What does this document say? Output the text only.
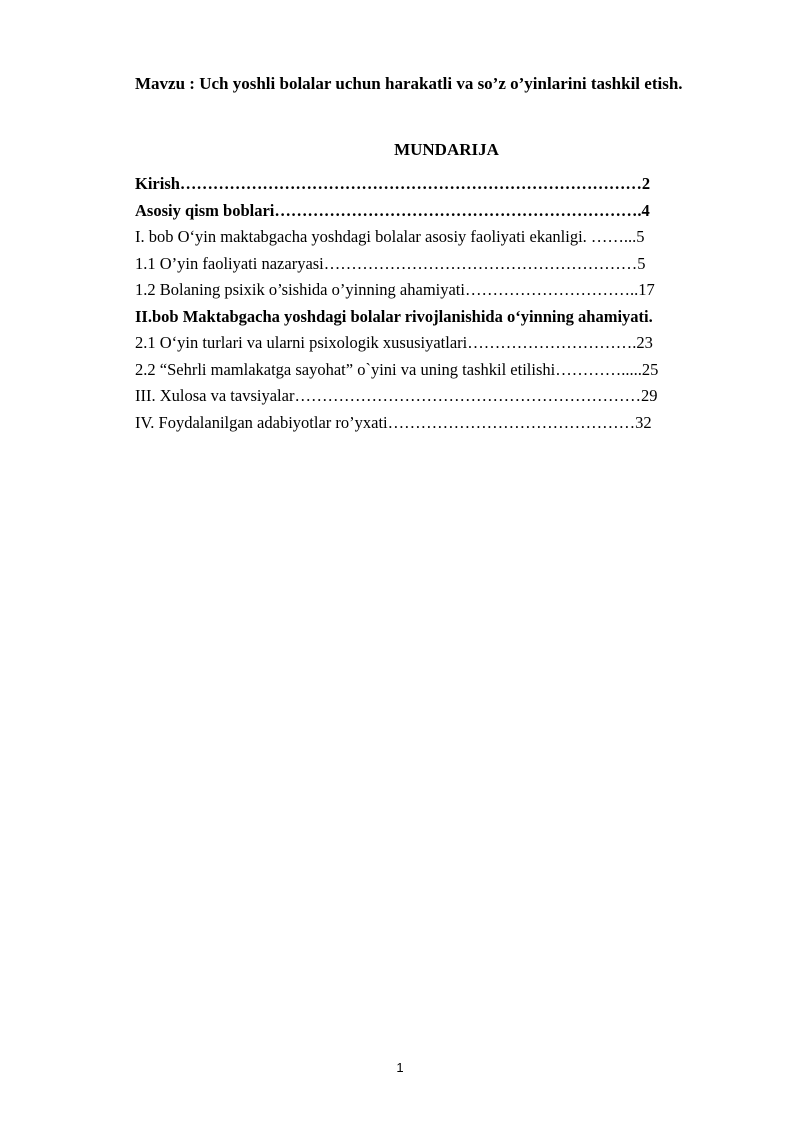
Mavzu : Uch yoshli bolalar uchun harakatli va so’z o’yinlarini tashkil etish.
MUNDARIJA
Kirish…………………………………………………………………………2
Asosiy qism boblari………………………………………………………….4
I. bob O‘yin maktabgacha yoshdagi bolalar asosiy faoliyati ekanligi. ……...5
1.1 O’yin faoliyati nazaryasi…………………………………………………5
1.2 Bolaning psixik o’sishida o’yinning ahamiyati…………………………..17
II.bob Maktabgacha yoshdagi bolalar rivojlanishida o‘yinning ahamiyati.
2.1 O‘yin turlari va ularni psixologik xususiyatlari………………………….23
2.2 “Sehrli mamlakatga sayohat” o`yini va uning tashkil etilishi………….....25
III. Xulosa va tavsiyalar………………………………………………………29
IV. Foydalanilgan adabiyotlar ro’yxati………………………………………32
1
